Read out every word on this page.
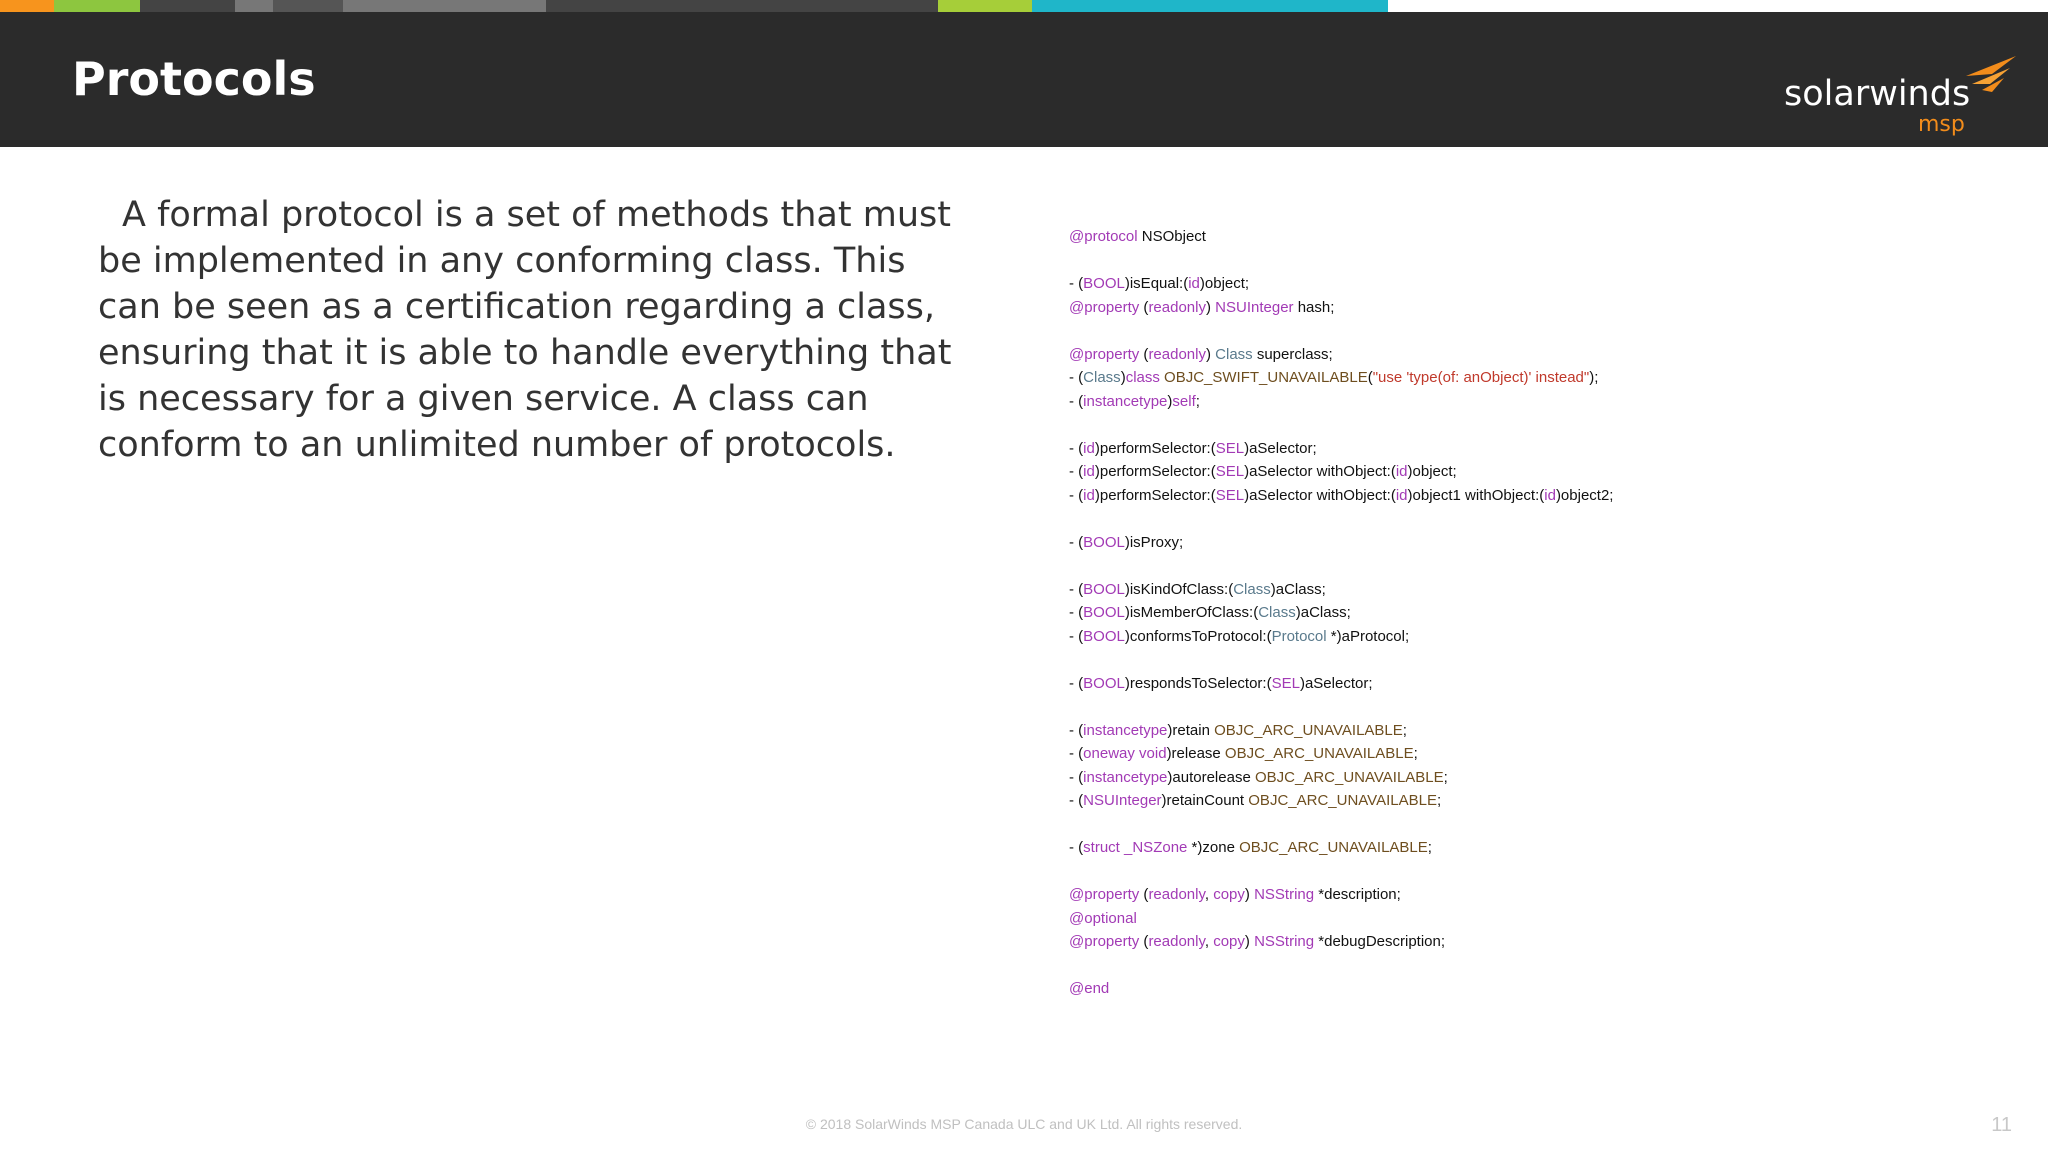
Protocols	solarwinds
msp
A formal protocol is a set of methods that must be implemented in any conforming class. This can be seen as a certification regarding a class, ensuring that it is able to handle everything that is necessary for a given service. A class can conform to an unlimited number of protocols.
@protocol NSObject

- (BOOL)isEqual:(id)object;
@property (readonly) NSUInteger hash;

@property (readonly) Class superclass;
- (Class)class OBJC_SWIFT_UNAVAILABLE("use 'type(of: anObject)' instead");
- (instancetype)self;

- (id)performSelector:(SEL)aSelector;
- (id)performSelector:(SEL)aSelector withObject:(id)object;
- (id)performSelector:(SEL)aSelector withObject:(id)object1 withObject:(id)object2;

- (BOOL)isProxy;

- (BOOL)isKindOfClass:(Class)aClass;
- (BOOL)isMemberOfClass:(Class)aClass;
- (BOOL)conformsToProtocol:(Protocol *)aProtocol;

- (BOOL)respondsToSelector:(SEL)aSelector;

- (instancetype)retain OBJC_ARC_UNAVAILABLE;
- (oneway void)release OBJC_ARC_UNAVAILABLE;
- (instancetype)autorelease OBJC_ARC_UNAVAILABLE;
- (NSUInteger)retainCount OBJC_ARC_UNAVAILABLE;

- (struct _NSZone *)zone OBJC_ARC_UNAVAILABLE;

@property (readonly, copy) NSString *description;
@optional
@property (readonly, copy) NSString *debugDescription;

@end
© 2018 SolarWinds MSP Canada ULC and UK Ltd. All rights reserved.	11
